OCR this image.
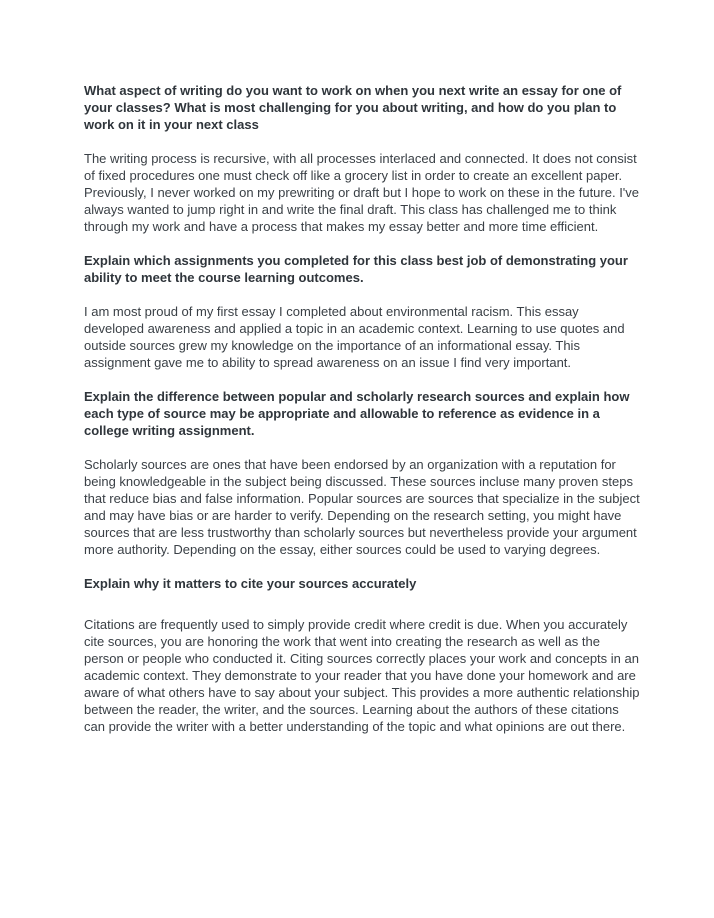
What aspect of writing do you want to work on when you next write an essay for one of your classes? What is most challenging for you about writing, and how do you plan to work on it in your next class

The writing process is recursive, with all processes interlaced and connected. It does not consist of fixed procedures one must check off like a grocery list in order to create an excellent paper. Previously, I never worked on my prewriting or draft but I hope to work on these in the future. I've always wanted to jump right in and write the final draft. This class has challenged me to think through my work and have a process that makes my essay better and more time efficient.

Explain which assignments you completed for this class best job of demonstrating your ability to meet the course learning outcomes.

I am most proud of my first essay I completed about environmental racism. This essay developed awareness and applied a topic in an academic context. Learning to use quotes and outside sources grew my knowledge on the importance of an informational essay. This assignment gave me to ability to spread awareness on an issue I find very important.

Explain the difference between popular and scholarly research sources and explain how each type of source may be appropriate and allowable to reference as evidence in a college writing assignment.

Scholarly sources are ones that have been endorsed by an organization with a reputation for being knowledgeable in the subject being discussed. These sources incluse many proven steps that reduce bias and false information. Popular sources are sources that specialize in the subject and may have bias or are harder to verify. Depending on the research setting, you might have sources that are less trustworthy than scholarly sources but nevertheless provide your argument more authority. Depending on the essay, either sources could be used to varying degrees.

Explain why it matters to cite your sources accurately

Citations are frequently used to simply provide credit where credit is due. When you accurately cite sources, you are honoring the work that went into creating the research as well as the person or people who conducted it. Citing sources correctly places your work and concepts in an academic context. They demonstrate to your reader that you have done your homework and are aware of what others have to say about your subject. This provides a more authentic relationship between the reader, the writer, and the sources. Learning about the authors of these citations can provide the writer with a better understanding of the topic and what opinions are out there.
